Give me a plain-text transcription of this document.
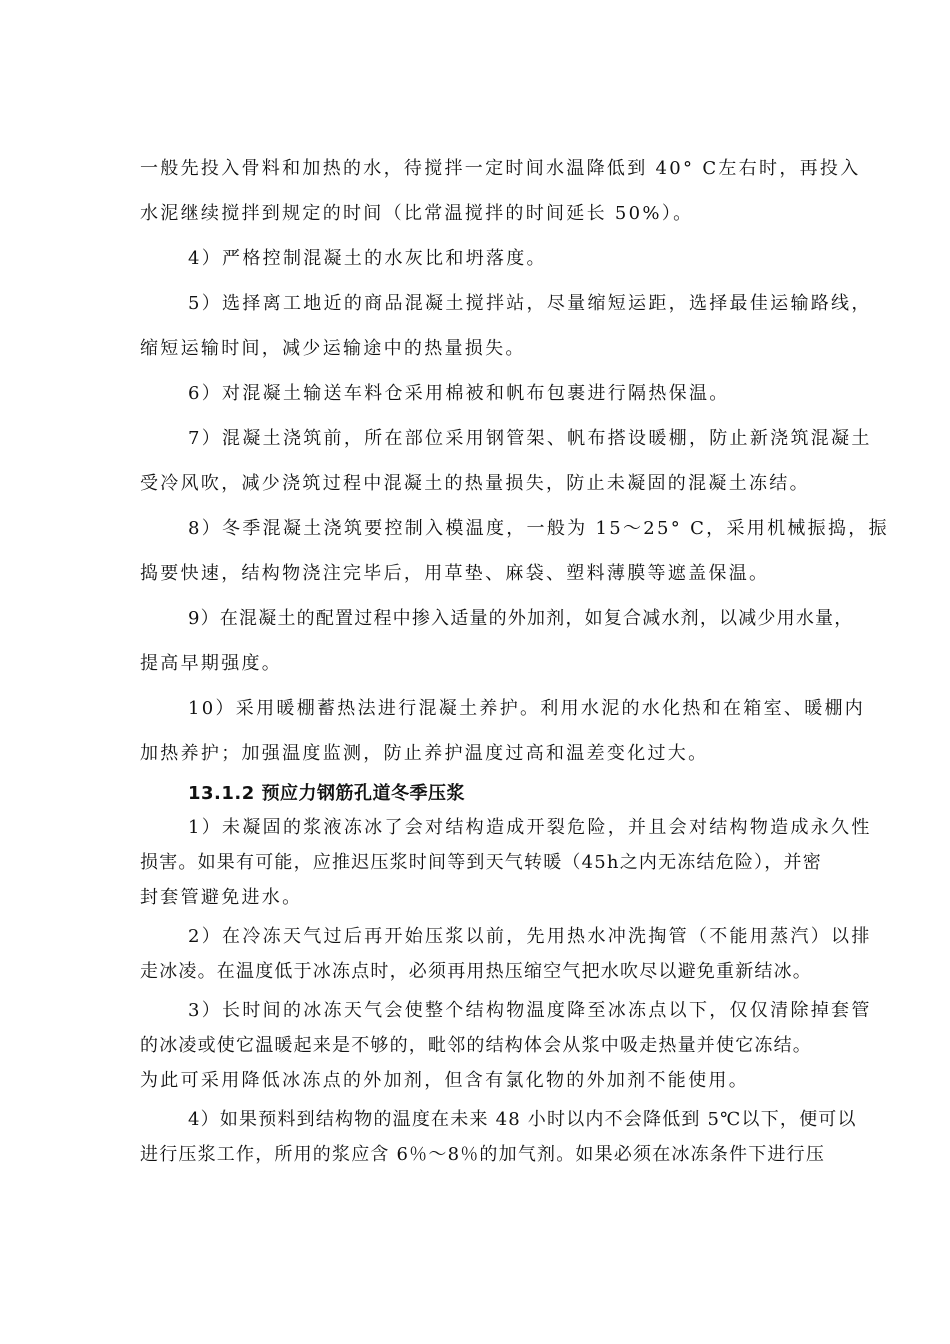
一般先投入骨料和加热的水，待搅拌一定时间水温降低到 40° C左右时，再投入

水泥继续搅拌到规定的时间（比常温搅拌的时间延长 50%）。

4）严格控制混凝土的水灰比和坍落度。

5）选择离工地近的商品混凝土搅拌站，尽量缩短运距，选择最佳运输路线，

缩短运输时间，减少运输途中的热量损失。

6）对混凝土输送车料仓采用棉被和帆布包裹进行隔热保温。

7）混凝土浇筑前，所在部位采用钢管架、帆布搭设暖棚，防止新浇筑混凝土

受冷风吹，减少浇筑过程中混凝土的热量损失，防止未凝固的混凝土冻结。

8）冬季混凝土浇筑要控制入模温度，一般为 15～25° C，采用机械振捣，振

捣要快速，结构物浇注完毕后，用草垫、麻袋、塑料薄膜等遮盖保温。

9）在混凝土的配置过程中掺入适量的外加剂，如复合减水剂，以减少用水量，

提高早期强度。

10）采用暖棚蓄热法进行混凝土养护。利用水泥的水化热和在箱室、暖棚内

加热养护；加强温度监测，防止养护温度过高和温差变化过大。

13.1.2 预应力钢筋孔道冬季压浆

1）未凝固的浆液冻冰了会对结构造成开裂危险，并且会对结构物造成永久性

损害。如果有可能，应推迟压浆时间等到天气转暖（45h之内无冻结危险），并密

封套管避免进水。

2）在冷冻天气过后再开始压浆以前，先用热水冲洗掏管（不能用蒸汽）以排

走冰凌。在温度低于冰冻点时，必须再用热压缩空气把水吹尽以避免重新结冰。

3）长时间的冰冻天气会使整个结构物温度降至冰冻点以下，仅仅清除掉套管

的冰凌或使它温暖起来是不够的，毗邻的结构体会从浆中吸走热量并使它冻结。

为此可采用降低冰冻点的外加剂，但含有氯化物的外加剂不能使用。

4）如果预料到结构物的温度在未来 48 小时以内不会降低到 5℃以下，便可以

进行压浆工作，所用的浆应含 6％～8％的加气剂。如果必须在冰冻条件下进行压
